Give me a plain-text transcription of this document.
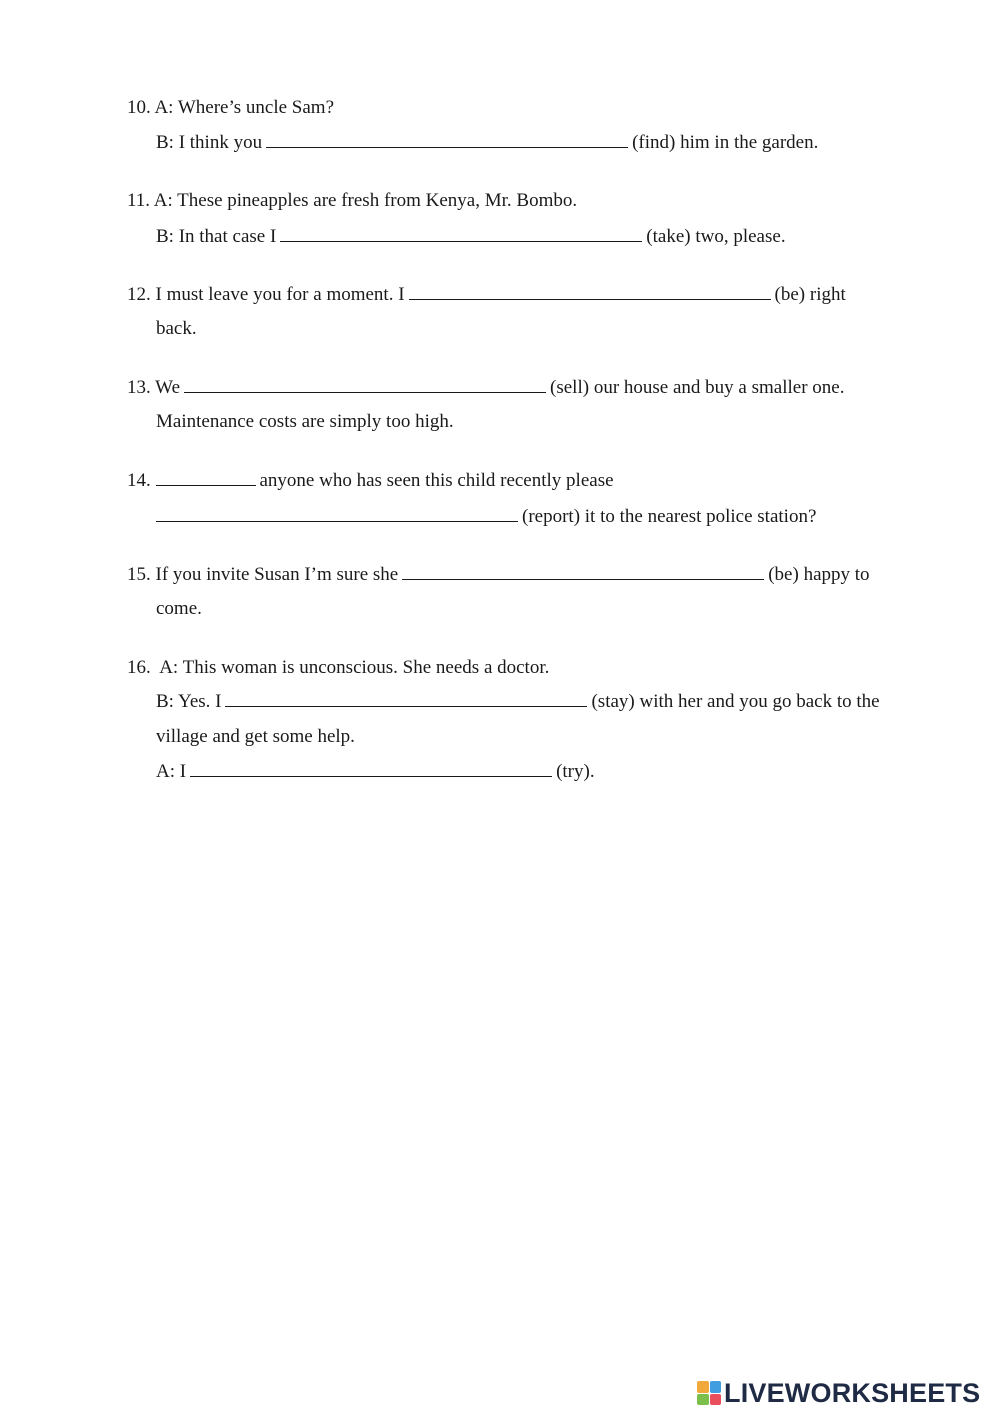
10. A: Where’s uncle Sam?
B: I think you	(find) him in the garden.
11. A: These pineapples are fresh from Kenya, Mr. Bombo.
B: In that case I	(take) two, please.
12. I must leave you for a moment. I	(be) right
back.
13. We	(sell) our house and buy a smaller one.
Maintenance costs are simply too high.
14.	anyone who has seen this child recently please
(report) it to the nearest police station?
15. If you invite Susan I’m sure she	(be) happy to
come.
16. A: This woman is unconscious. She needs a doctor.
B: Yes. I	(stay) with her and you go back to the
village and get some help.
A: I	(try).
LIVEWORKSHEETS
